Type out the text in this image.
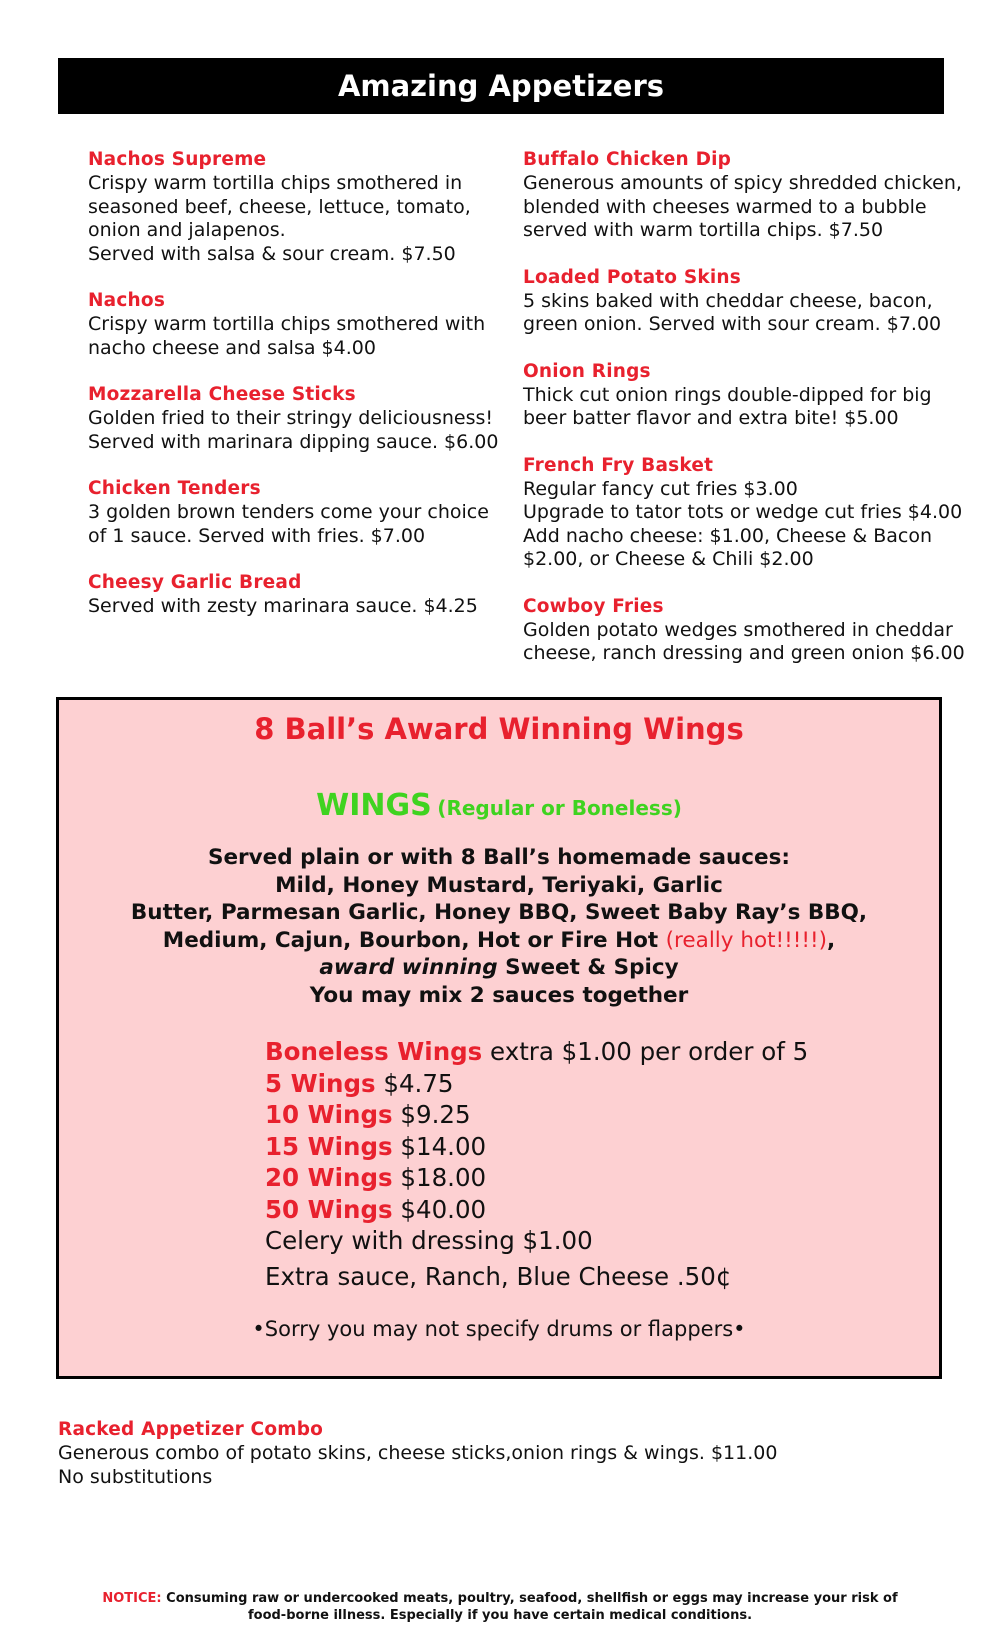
Amazing Appetizers
Nachos Supreme
Crispy warm tortilla chips smothered in
seasoned beef, cheese, lettuce, tomato,
onion and jalapenos.
Served with salsa & sour cream. $7.50
Nachos
Crispy warm tortilla chips smothered with
nacho cheese and salsa $4.00
Mozzarella Cheese Sticks
Golden fried to their stringy deliciousness!
Served with marinara dipping sauce. $6.00
Chicken Tenders
3 golden brown tenders come your choice
of 1 sauce. Served with fries. $7.00
Cheesy Garlic Bread
Served with zesty marinara sauce. $4.25
Buffalo Chicken Dip
Generous amounts of spicy shredded chicken,
blended with cheeses warmed to a bubble
served with warm tortilla chips. $7.50
Loaded Potato Skins
5 skins baked with cheddar cheese, bacon,
green onion. Served with sour cream. $7.00
Onion Rings
Thick cut onion rings double-dipped for big
beer batter flavor and extra bite! $5.00
French Fry Basket
Regular fancy cut fries $3.00
Upgrade to tator tots or wedge cut fries $4.00
Add nacho cheese: $1.00, Cheese & Bacon
$2.00, or Cheese & Chili $2.00
Cowboy Fries
Golden potato wedges smothered in cheddar
cheese, ranch dressing and green onion $6.00
8 Ball’s Award Winning Wings
WINGS (Regular or Boneless)
Served plain or with 8 Ball’s homemade sauces:
Mild, Honey Mustard, Teriyaki, Garlic
Butter, Parmesan Garlic, Honey BBQ, Sweet Baby Ray’s BBQ,
Medium, Cajun, Bourbon, Hot or Fire Hot (really hot!!!!!),
award winning Sweet & Spicy
You may mix 2 sauces together
Boneless Wings extra $1.00 per order of 5
5 Wings $4.75
10 Wings $9.25
15 Wings $14.00
20 Wings $18.00
50 Wings $40.00
Celery with dressing $1.00
Extra sauce, Ranch, Blue Cheese .50¢
•Sorry you may not specify drums or flappers•
Racked Appetizer Combo
Generous combo of potato skins, cheese sticks,onion rings & wings. $11.00
No substitutions
NOTICE: Consuming raw or undercooked meats, poultry, seafood, shellfish or eggs may increase your risk of
food-borne illness. Especially if you have certain medical conditions.
